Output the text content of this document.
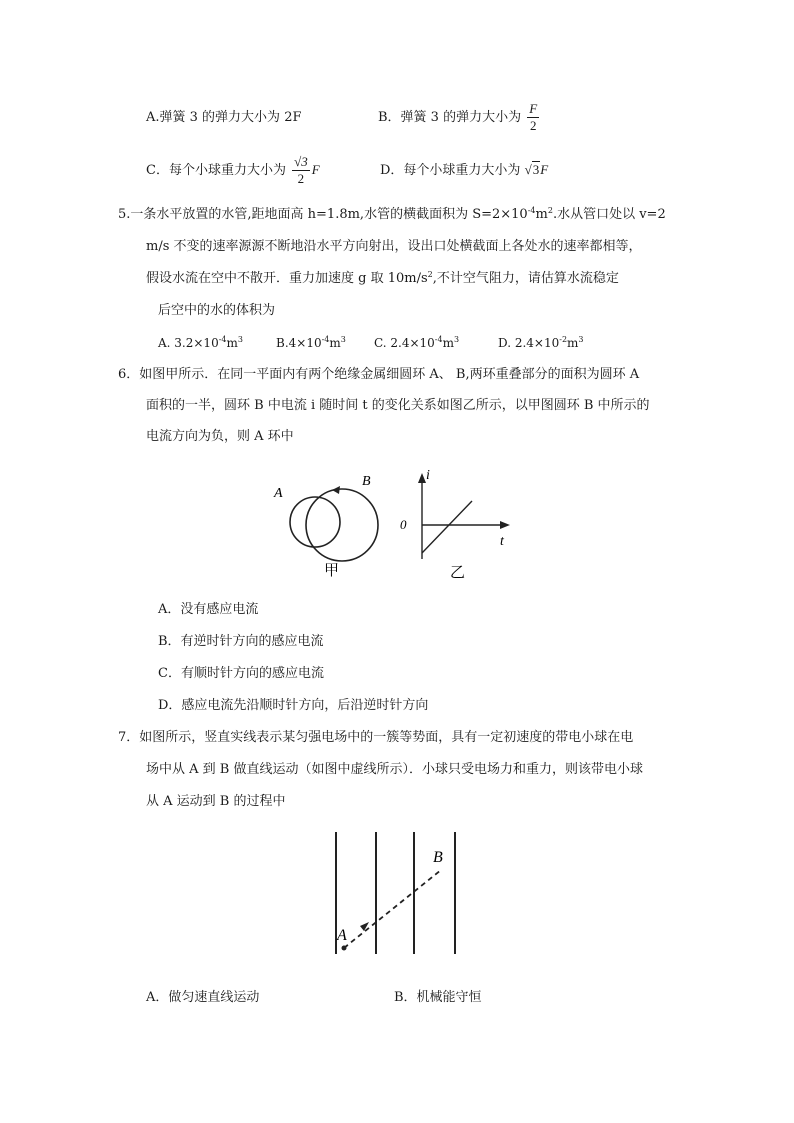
A.弹簧 3 的弹力大小为 2F	B．弹簧 3 的弹力大小为 $\frac{F}{2}$
C．每个小球重力大小为 $\frac{√3}{2}$ F	D．每个小球重力大小为 √3F
5.一条水平放置的水管,距地面高 h=1.8m,水管的横截面积为 $S=2\times 10^{-4}m^2$.水从管口处以 v=2
m/s 不变的速率源源不断地沿水平方向射出，设出口处横截面上各处水的速率都相等，
假设水流在空中不散开．重力加速度 g 取 $10m/s^2$,不计空气阻力，请估算水流稳定
后空中的水的体积为
A. $3.2\times 10^{-4}m^3$	$B.4\times 10^{-4}m^3$ C. $2.4\times 10^{-4}m^3$	D. $2.4\times 10^{-2}m^3$
6．如图甲所示．在同一平面内有两个绝缘金属细圆环 A、 B,两环重叠部分的面积为圆环 A
面积的一半，圆环 B 中电流 i 随时间 t 的变化关系如图乙所示，以甲图圆环 B 中所示的
电流方向为负，则 A 环中
A
B
甲
i
0
t
乙
A．没有感应电流
B．有逆时针方向的感应电流
C．有顺时针方向的感应电流
D．感应电流先沿顺时针方向，后沿逆时针方向
7．如图所示，竖直实线表示某匀强电场中的一簇等势面，具有一定初速度的带电小球在电
场中从 A 到 B 做直线运动（如图中虚线所示）．小球只受电场力和重力，则该带电小球
从 A 运动到 B 的过程中
A
B
A．做匀速直线运动	B．机械能守恒
